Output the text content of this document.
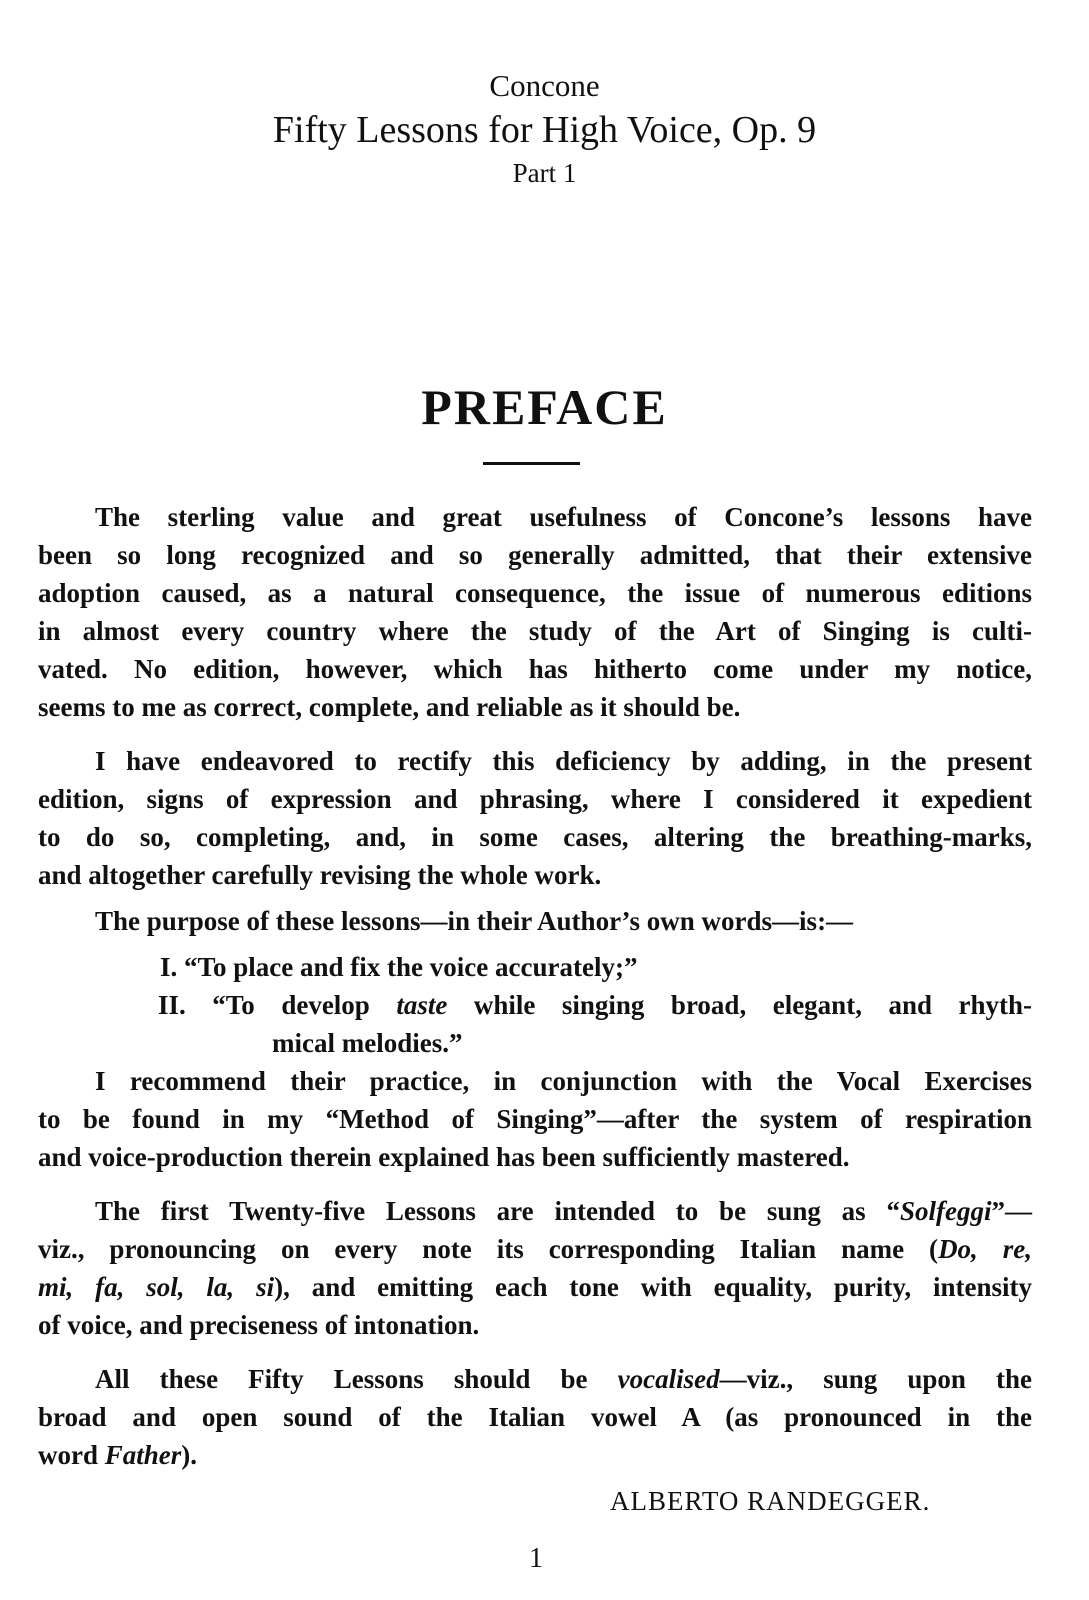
Concone
Fifty Lessons for High Voice, Op. 9
Part 1
PREFACE
The sterling value and great usefulness of Concone’s lessons have
been so long recognized and so generally admitted, that their extensive
adoption caused, as a natural consequence, the issue of numerous editions
in almost every country where the study of the Art of Singing is culti-
vated. No edition, however, which has hitherto come under my notice,
seems to me as correct, complete, and reliable as it should be.
I have endeavored to rectify this deficiency by adding, in the present
edition, signs of expression and phrasing, where I considered it expedient
to do so, completing, and, in some cases, altering the breathing-marks,
and altogether carefully revising the whole work.
The purpose of these lessons—in their Author’s own words—is:—
I. “To place and fix the voice accurately;”
II. “To develop taste while singing broad, elegant, and rhyth-
mical melodies.”
I recommend their practice, in conjunction with the Vocal Exercises
to be found in my “Method of Singing”—after the system of respiration
and voice-production therein explained has been sufficiently mastered.
The first Twenty-five Lessons are intended to be sung as “Solfeggi”—
viz., pronouncing on every note its corresponding Italian name (Do, re,
mi, fa, sol, la, si), and emitting each tone with equality, purity, intensity
of voice, and preciseness of intonation.
All these Fifty Lessons should be vocalised—viz., sung upon the
broad and open sound of the Italian vowel A (as pronounced in the
word Father).
ALBERTO RANDEGGER.
1
